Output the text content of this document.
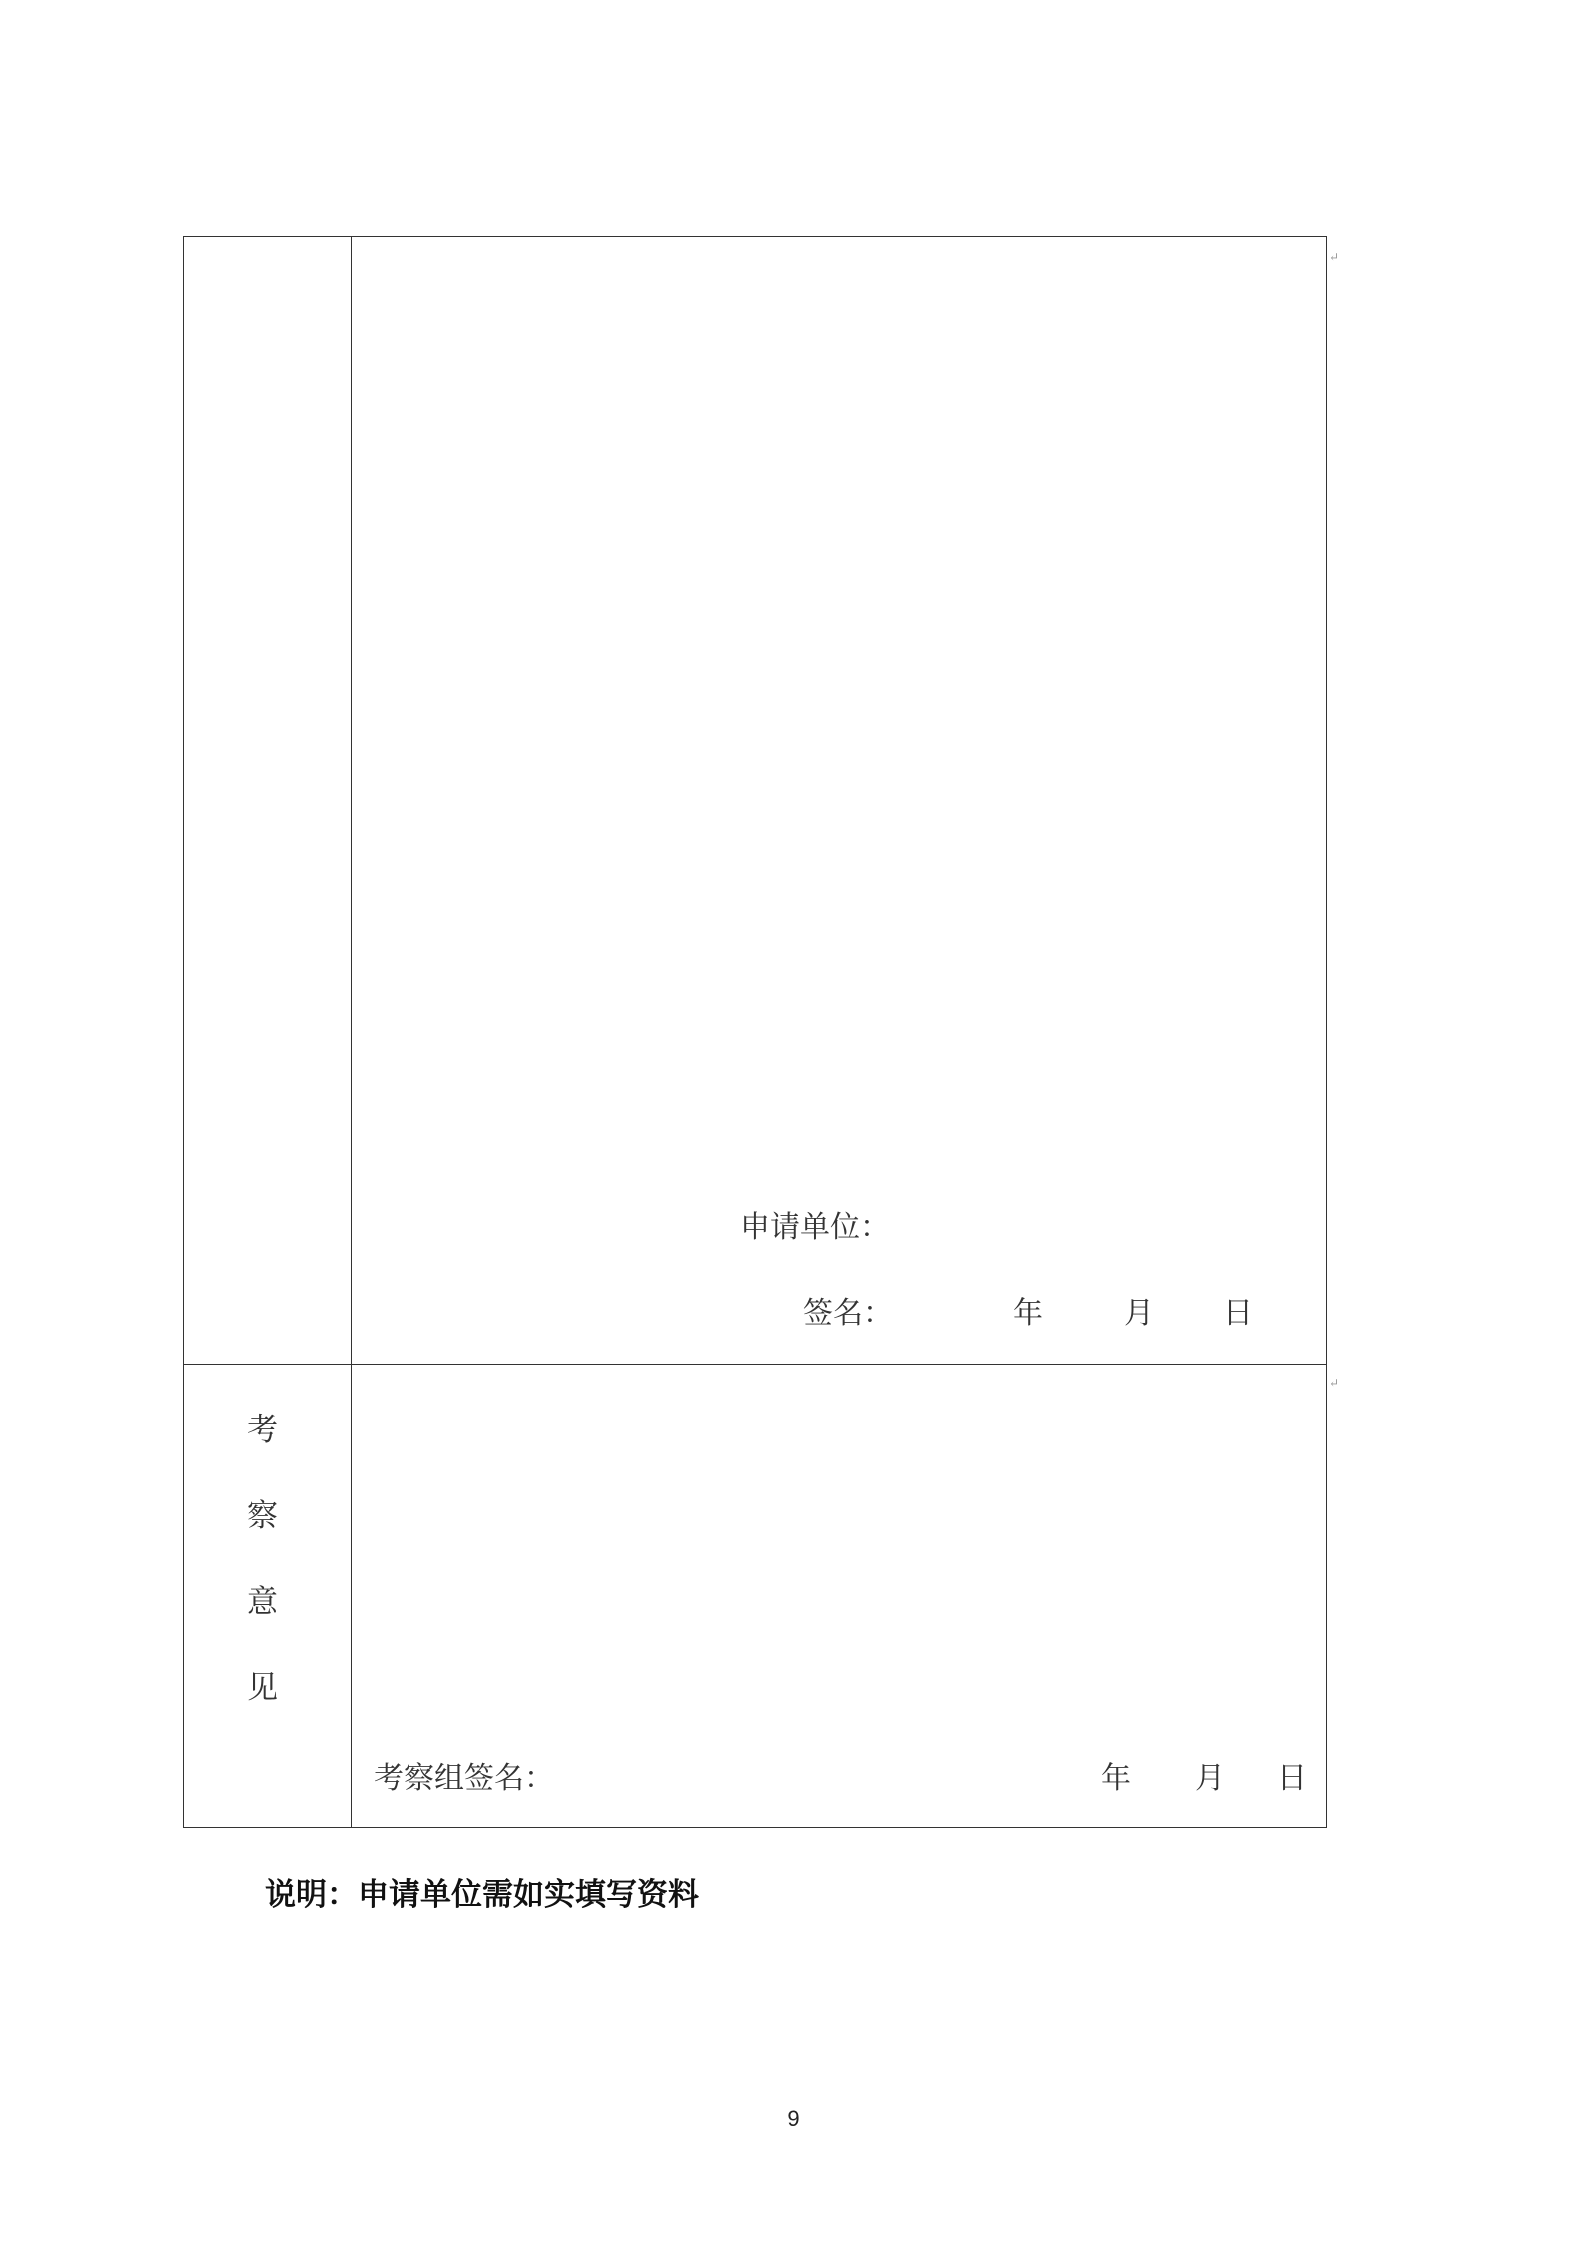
↵
↵
申请单位：
签名：	年	月 日
考
察
意
见
考察组签名：	年 月 日
说明：申请单位需如实填写资料
9
